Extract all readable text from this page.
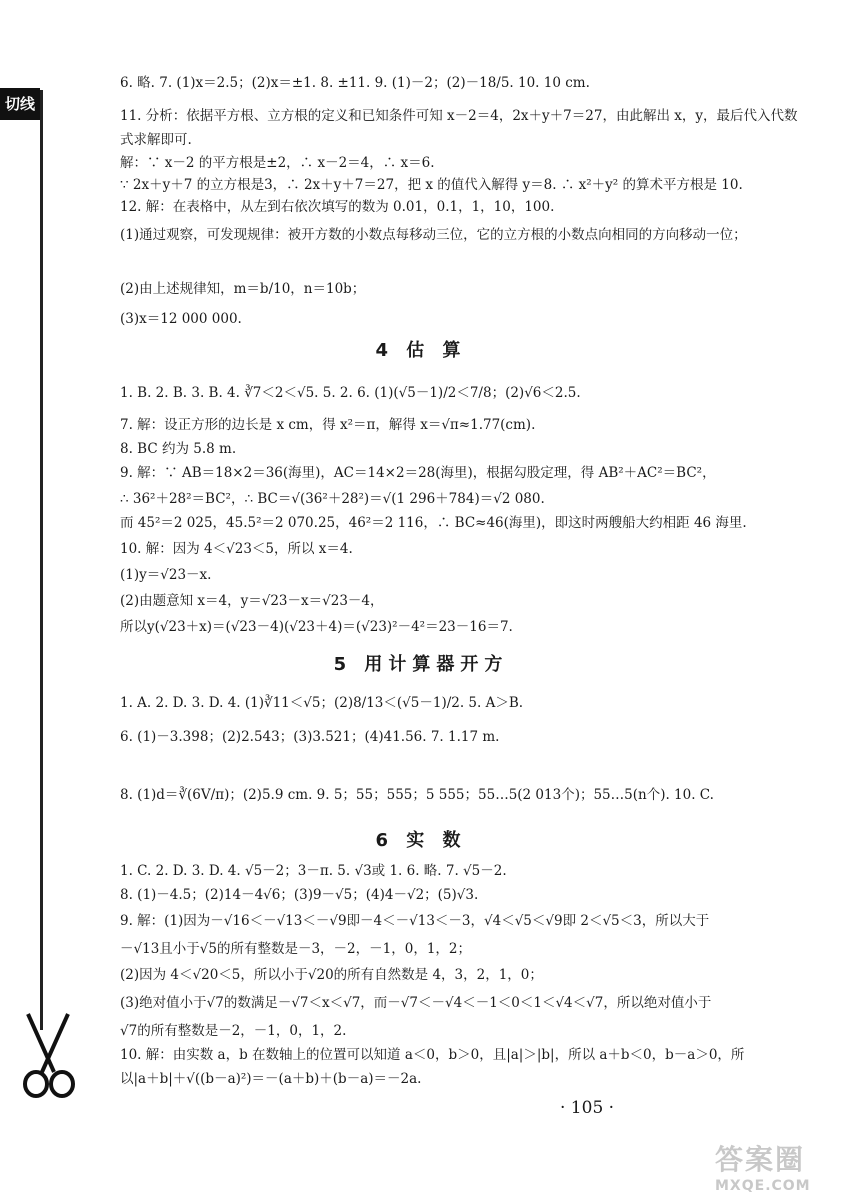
切线
6. 略. 7. (1)x＝2.5；(2)x＝±1. 8. ±11. 9. (1)－2；(2)－18/5. 10. 10 cm.
11. 分析：依据平方根、立方根的定义和已知条件可知 x－2＝4，2x＋y＋7＝27，由此解出 x，y，最后代入代数式求解即可.
解：∵ x－2 的平方根是±2，∴ x－2＝4，∴ x＝6.
∵ 2x＋y＋7 的立方根是3，∴ 2x＋y＋7＝27，把 x 的值代入解得 y＝8. ∴ x²＋y² 的算术平方根是 10.
12. 解：在表格中，从左到右依次填写的数为 0.01，0.1，1，10，100.
(1)通过观察，可发现规律：被开方数的小数点每移动三位，它的立方根的小数点向相同的方向移动一位；
(2)由上述规律知，m＝b/10，n＝10b；
(3)x＝12 000 000.
4 估 算
1. B. 2. B. 3. B. 4. ∛7＜2＜√5. 5. 2. 6. (1)(√5－1)/2＜7/8；(2)√6＜2.5.
7. 解：设正方形的边长是 x cm，得 x²＝π，解得 x＝√π≈1.77(cm).
8. BC 约为 5.8 m.
9. 解：∵ AB＝18×2＝36(海里)，AC＝14×2＝28(海里)，根据勾股定理，得 AB²＋AC²＝BC²，
∴ 36²＋28²＝BC²，∴ BC＝√(36²＋28²)＝√(1 296＋784)＝√2 080.
而 45²＝2 025，45.5²＝2 070.25，46²＝2 116，∴ BC≈46(海里)，即这时两艘船大约相距 46 海里.
10. 解：因为 4＜√23＜5，所以 x＝4.
(1)y＝√23－x.
(2)由题意知 x＝4，y＝√23－x＝√23－4，
所以y(√23＋x)＝(√23－4)(√23＋4)＝(√23)²－4²＝23－16＝7.
5 用计算器开方
1. A. 2. D. 3. D. 4. (1)∛11＜√5；(2)8/13＜(√5－1)/2. 5. A＞B.
6. (1)－3.398；(2)2.543；(3)3.521；(4)41.56. 7. 1.17 m.
8. (1)d＝∛(6V/π)；(2)5.9 cm. 9. 5；55；555；5 555；55…5(2 013个)；55…5(n个). 10. C.
6 实 数
1. C. 2. D. 3. D. 4. √5－2；3－π. 5. √3或 1. 6. 略. 7. √5－2.
8. (1)－4.5；(2)14－4√6；(3)9－√5；(4)4－√2；(5)√3.
9. 解：(1)因为－√16＜－√13＜－√9即－4＜－√13＜－3，√4＜√5＜√9即 2＜√5＜3，所以大于
－√13且小于√5的所有整数是－3，－2，－1，0，1，2；
(2)因为 4＜√20＜5，所以小于√20的所有自然数是 4，3，2，1，0；
(3)绝对值小于√7的数满足－√7＜x＜√7，而－√7＜－√4＜－1＜0＜1＜√4＜√7，所以绝对值小于
√7的所有整数是－2，－1，0，1，2.
10. 解：由实数 a，b 在数轴上的位置可以知道 a＜0，b＞0，且|a|＞|b|，所以 a＋b＜0，b－a＞0，所
以|a＋b|＋√((b－a)²)＝－(a＋b)＋(b－a)＝－2a.
· 105 ·
答案圈
MXQE.COM
